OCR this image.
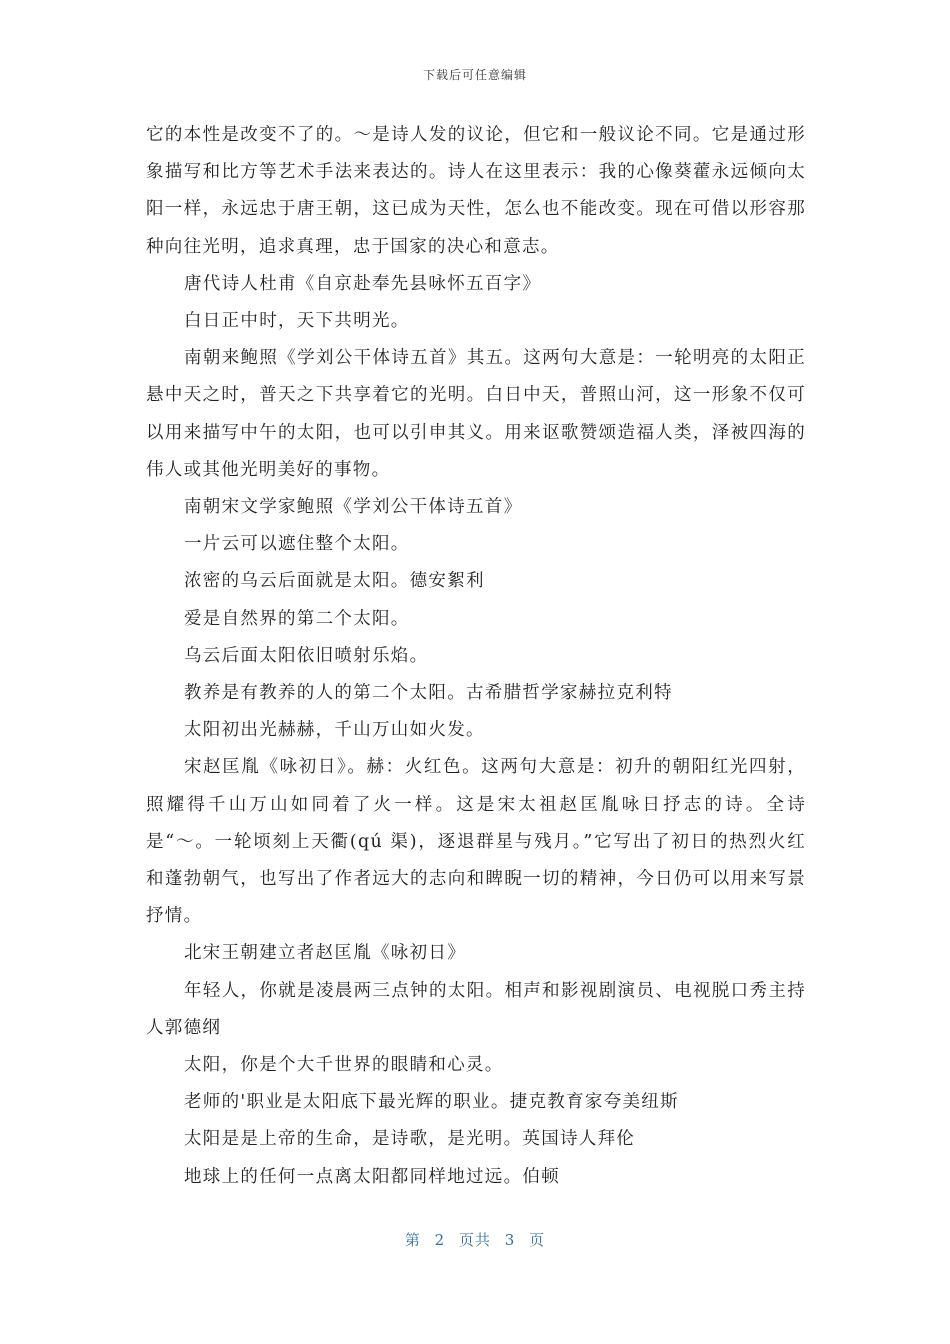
下载后可任意编辑

它的本性是改变不了的。～是诗人发的议论，但它和一般议论不同。它是通过形象描写和比方等艺术手法来表达的。诗人在这里表示：我的心像葵藿永远倾向太阳一样，永远忠于唐王朝，这已成为天性，怎么也不能改变。现在可借以形容那种向往光明，追求真理，忠于国家的决心和意志。

唐代诗人杜甫《自京赴奉先县咏怀五百字》

白日正中时，天下共明光。

南朝来鲍照《学刘公干体诗五首》其五。这两句大意是：一轮明亮的太阳正悬中天之时，普天之下共享着它的光明。白日中天，普照山河，这一形象不仅可以用来描写中午的太阳，也可以引申其义。用来讴歌赞颂造福人类，泽被四海的伟人或其他光明美好的事物。

南朝宋文学家鲍照《学刘公干体诗五首》

一片云可以遮住整个太阳。

浓密的乌云后面就是太阳。德安絮利

爱是自然界的第二个太阳。

乌云后面太阳依旧喷射乐焰。

教养是有教养的人的第二个太阳。古希腊哲学家赫拉克利特

太阳初出光赫赫，千山万山如火发。

宋赵匡胤《咏初日》。赫：火红色。这两句大意是：初升的朝阳红光四射，照耀得千山万山如同着了火一样。这是宋太祖赵匡胤咏日抒志的诗。全诗是“～。一轮顷刻上天衢(qú 渠)，逐退群星与残月。”它写出了初日的热烈火红和蓬勃朝气，也写出了作者远大的志向和睥睨一切的精神，今日仍可以用来写景抒情。

北宋王朝建立者赵匡胤《咏初日》

年轻人，你就是凌晨两三点钟的太阳。相声和影视剧演员、电视脱口秀主持人郭德纲

太阳，你是个大千世界的眼睛和心灵。

老师的'职业是太阳底下最光辉的职业。捷克教育家夸美纽斯

太阳是是上帝的生命，是诗歌，是光明。英国诗人拜伦

地球上的任何一点离太阳都同样地过远。伯顿

第 2 页共 3 页
